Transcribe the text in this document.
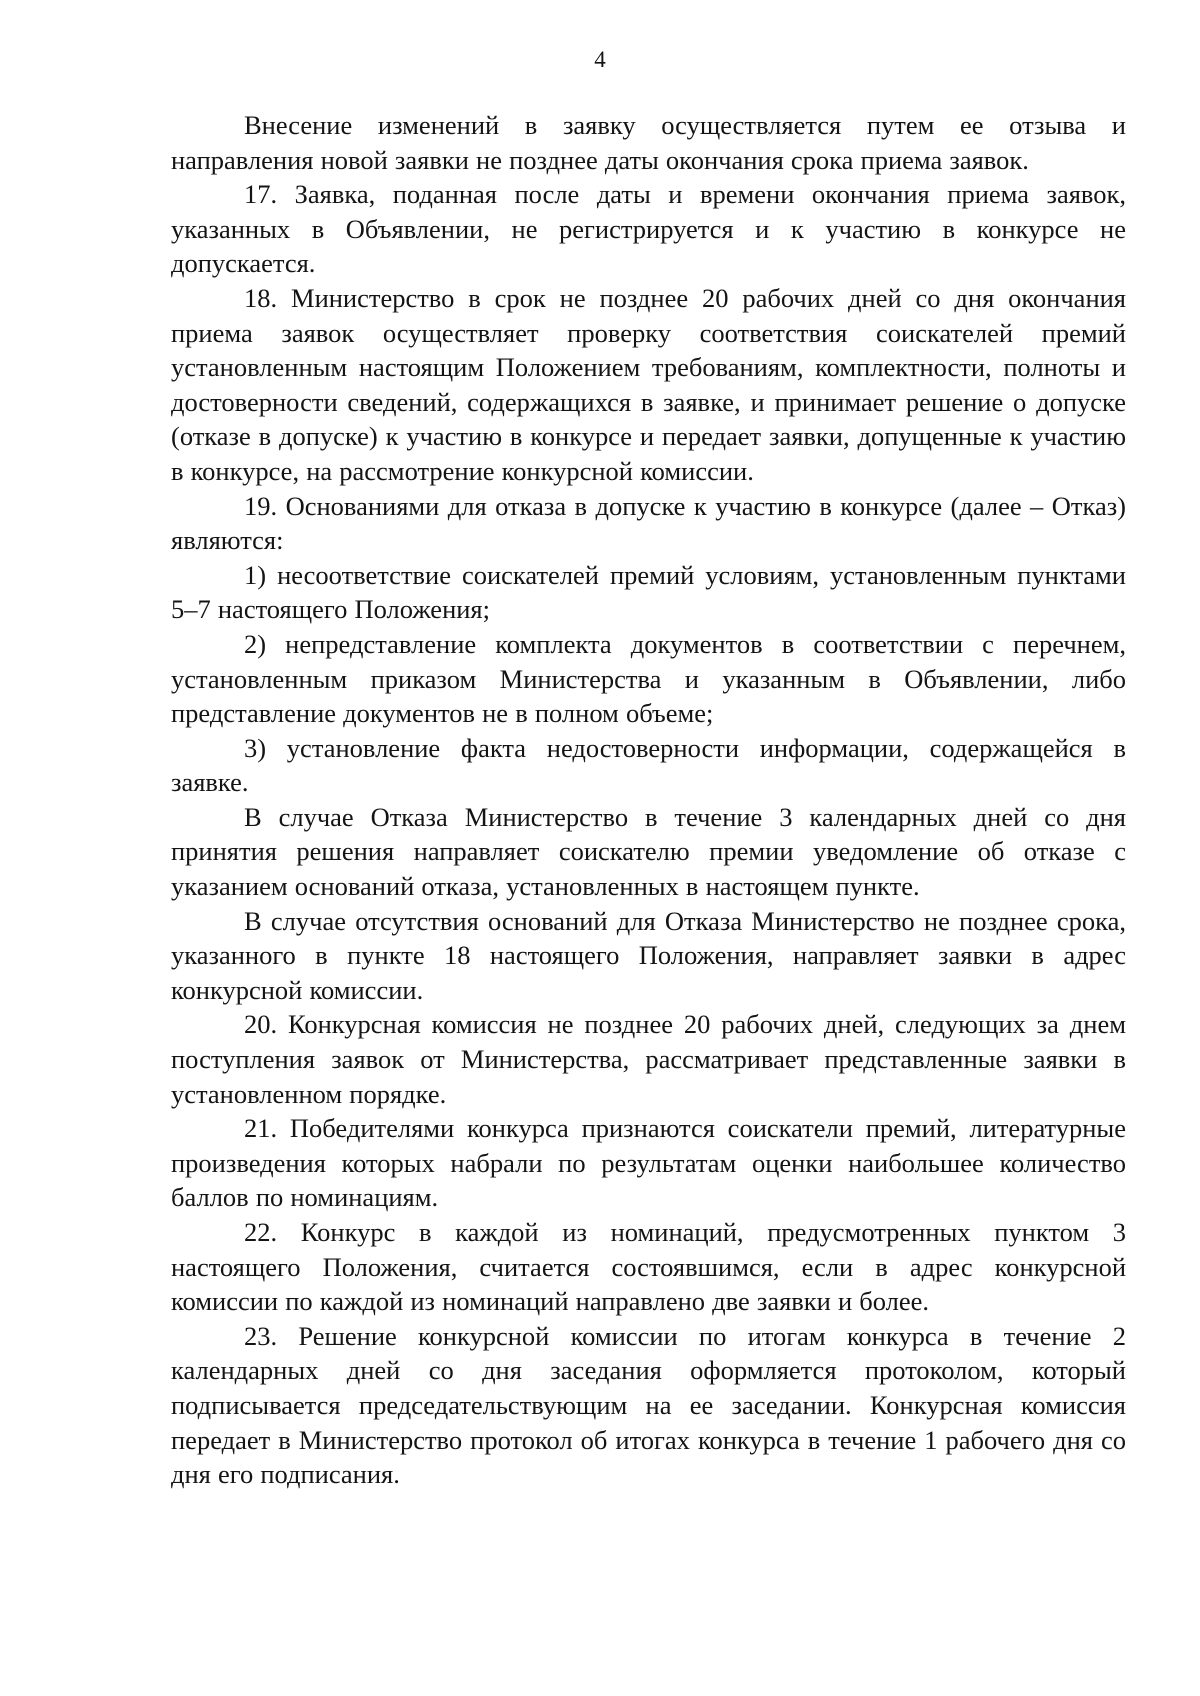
4

Внесение изменений в заявку осуществляется путем ее отзыва и направления новой заявки не позднее даты окончания срока приема заявок.

17. Заявка, поданная после даты и времени окончания приема заявок, указанных в Объявлении, не регистрируется и к участию в конкурсе не допускается.

18. Министерство в срок не позднее 20 рабочих дней со дня окончания приема заявок осуществляет проверку соответствия соискателей премий установленным настоящим Положением требованиям, комплектности, полноты и достоверности сведений, содержащихся в заявке, и принимает решение о допуске (отказе в допуске) к участию в конкурсе и передает заявки, допущенные к участию в конкурсе, на рассмотрение конкурсной комиссии.

19. Основаниями для отказа в допуске к участию в конкурсе (далее – Отказ) являются:

1) несоответствие соискателей премий условиям, установленным пунктами 5–7 настоящего Положения;

2) непредставление комплекта документов в соответствии с перечнем, установленным приказом Министерства и указанным в Объявлении, либо представление документов не в полном объеме;

3) установление факта недостоверности информации, содержащейся в заявке.

В случае Отказа Министерство в течение 3 календарных дней со дня принятия решения направляет соискателю премии уведомление об отказе с указанием оснований отказа, установленных в настоящем пункте.

В случае отсутствия оснований для Отказа Министерство не позднее срока, указанного в пункте 18 настоящего Положения, направляет заявки в адрес конкурсной комиссии.

20. Конкурсная комиссия не позднее 20 рабочих дней, следующих за днем поступления заявок от Министерства, рассматривает представленные заявки в установленном порядке.

21. Победителями конкурса признаются соискатели премий, литературные произведения которых набрали по результатам оценки наибольшее количество баллов по номинациям.

22. Конкурс в каждой из номинаций, предусмотренных пунктом 3 настоящего Положения, считается состоявшимся, если в адрес конкурсной комиссии по каждой из номинаций направлено две заявки и более.

23. Решение конкурсной комиссии по итогам конкурса в течение 2 календарных дней со дня заседания оформляется протоколом, который подписывается председательствующим на ее заседании. Конкурсная комиссия передает в Министерство протокол об итогах конкурса в течение 1 рабочего дня со дня его подписания.
